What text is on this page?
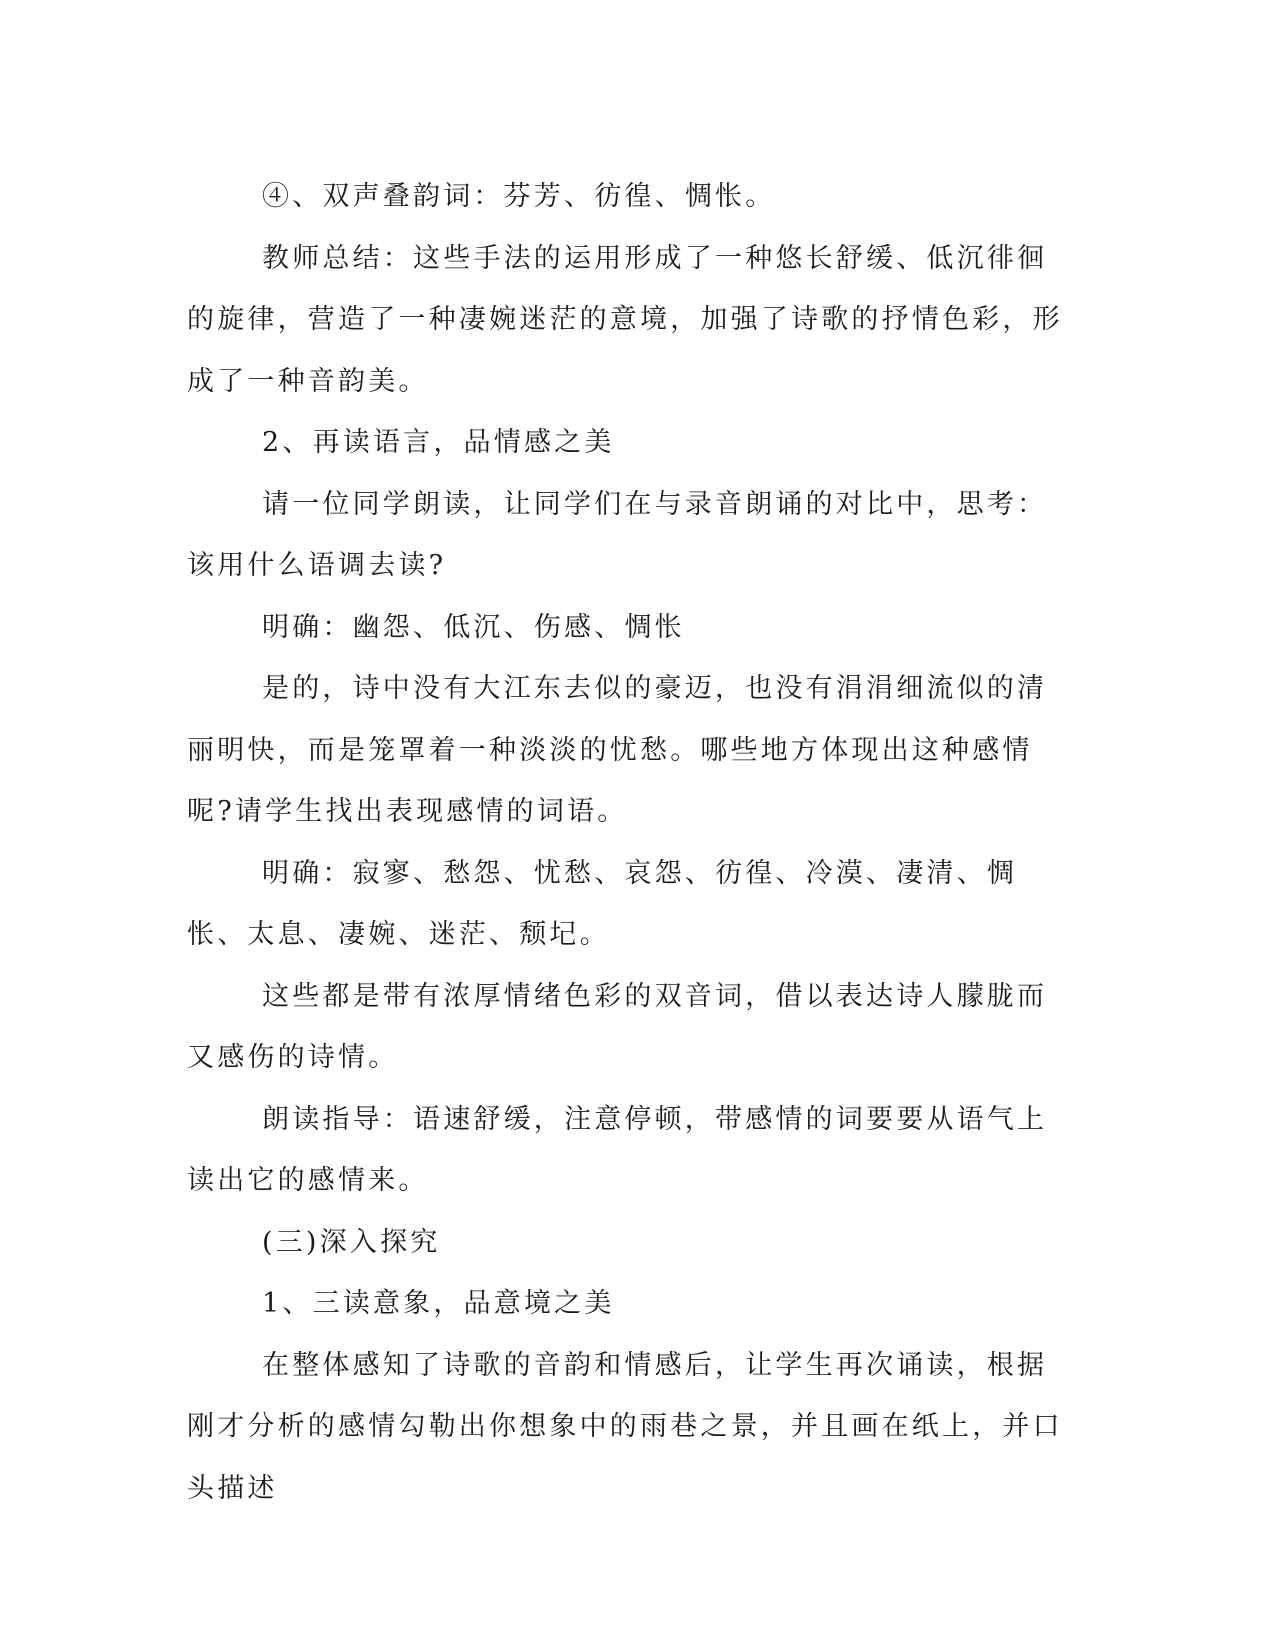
④、双声叠韵词：芬芳、彷徨、惆怅。

教师总结：这些手法的运用形成了一种悠长舒缓、低沉徘徊的旋律，营造了一种凄婉迷茫的意境，加强了诗歌的抒情色彩，形成了一种音韵美。

2、再读语言，品情感之美

请一位同学朗读，让同学们在与录音朗诵的对比中，思考：该用什么语调去读?

明确：幽怨、低沉、伤感、惆怅

是的，诗中没有大江东去似的豪迈，也没有涓涓细流似的清丽明快，而是笼罩着一种淡淡的忧愁。哪些地方体现出这种感情呢?请学生找出表现感情的词语。

明确：寂寥、愁怨、忧愁、哀怨、彷徨、冷漠、凄清、惆怅、太息、凄婉、迷茫、颓圮。

这些都是带有浓厚情绪色彩的双音词，借以表达诗人朦胧而又感伤的诗情。

朗读指导：语速舒缓，注意停顿，带感情的词要要从语气上读出它的感情来。

(三)深入探究

1、三读意象，品意境之美

在整体感知了诗歌的音韵和情感后，让学生再次诵读，根据刚才分析的感情勾勒出你想象中的雨巷之景，并且画在纸上，并口头描述
